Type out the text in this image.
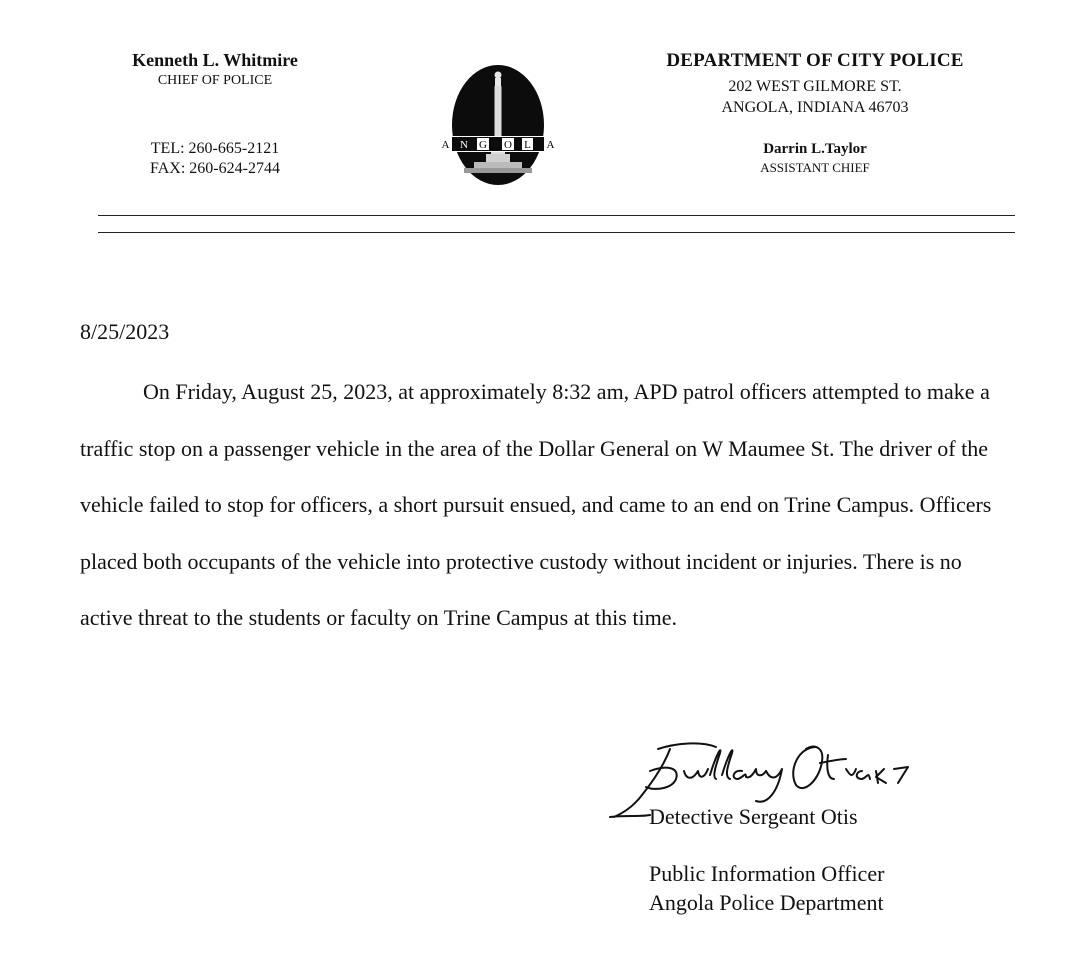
Kenneth L. Whitmire
CHIEF OF POLICE
TEL: 260-665-2121
FAX: 260-624-2744
A N G O L A
DEPARTMENT OF CITY POLICE
202 WEST GILMORE ST.
ANGOLA, INDIANA 46703
Darrin L.Taylor
ASSISTANT CHIEF
8/25/2023

On Friday, August 25, 2023, at approximately 8:32 am, APD patrol officers attempted to make a traffic stop on a passenger vehicle in the area of the Dollar General on W Maumee St. The driver of the vehicle failed to stop for officers, a short pursuit ensued, and came to an end on Trine Campus. Officers placed both occupants of the vehicle into protective custody without incident or injuries. There is no active threat to the students or faculty on Trine Campus at this time.

Detective Sergeant Otis
Public Information Officer
Angola Police Department
